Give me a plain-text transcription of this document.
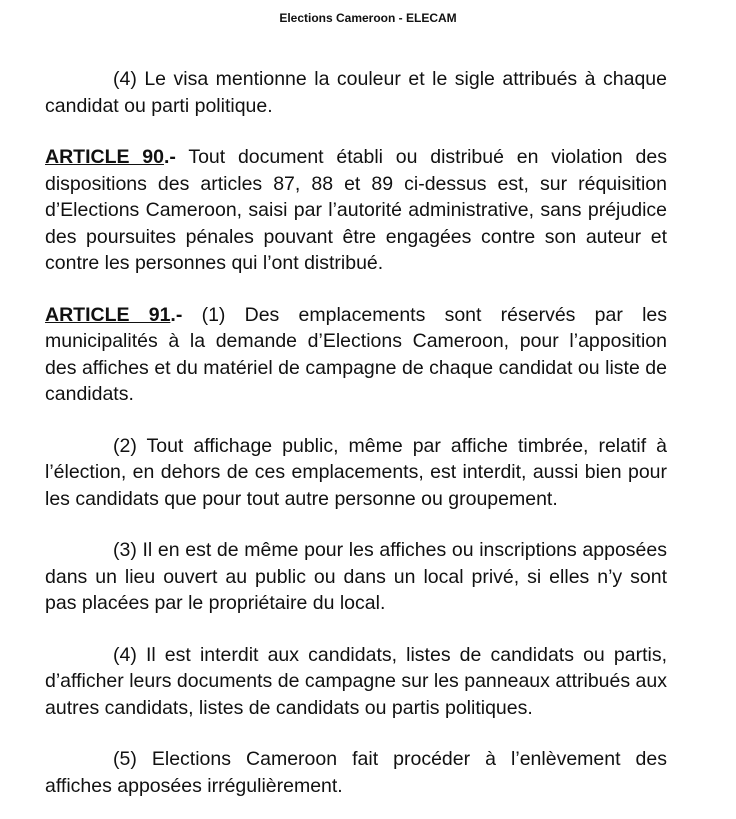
Elections Cameroon - ELECAM

(4) Le visa mentionne la couleur et le sigle attribués à chaque candidat ou parti politique.

ARTICLE 90.- Tout document établi ou distribué en violation des dispositions des articles 87, 88 et 89 ci-dessus est, sur réquisition d’Elections Cameroon, saisi par l’autorité administrative, sans préjudice des poursuites pénales pouvant être engagées contre son auteur et contre les personnes qui l’ont distribué.

ARTICLE 91.- (1) Des emplacements sont réservés par les municipalités à la demande d’Elections Cameroon, pour l’apposition des affiches et du matériel de campagne de chaque candidat ou liste de candidats.

(2) Tout affichage public, même par affiche timbrée, relatif à l’élection, en dehors de ces emplacements, est interdit, aussi bien pour les candidats que pour tout autre personne ou groupement.

(3) Il en est de même pour les affiches ou inscriptions apposées dans un lieu ouvert au public ou dans un local privé, si elles n’y sont pas placées par le propriétaire du local.

(4) Il est interdit aux candidats, listes de candidats ou partis, d’afficher leurs documents de campagne sur les panneaux attribués aux autres candidats, listes de candidats ou partis politiques.

(5) Elections Cameroon fait procéder à l’enlèvement des affiches apposées irrégulièrement.
